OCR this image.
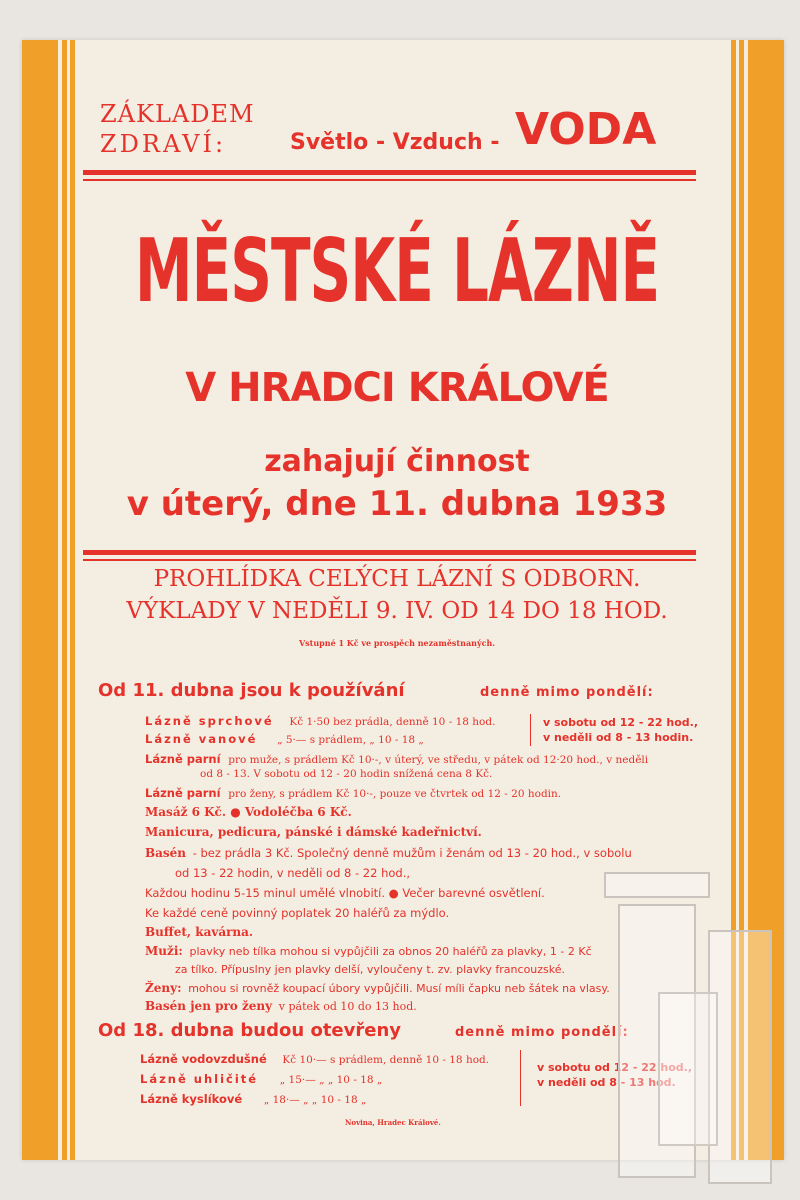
ZÁKLADEM
ZDRAVÍ:	Světlo - Vzduch - VODA
MĚSTSKÉ LÁZNĚ
V HRADCI KRÁLOVÉ
zahajují činnost
v úterý, dne 11. dubna 1933
PROHLÍDKA CELÝCH LÁZNÍ S ODBORN.
VÝKLADY V NEDĚLI 9. IV. OD 14 DO 18 HOD.
Vstupné 1 Kč ve prospěch nezaměstnaných.
Od 11. dubna jsou k používání	denně mimo pondělí:
Lázně sprchové Kč 1·50 bez prádla, denně 10 - 18 hod.
Lázně vanové „ 5·— s prádlem, „ 10 - 18 „
v sobotu od 12 - 22 hod.,
v neděli od 8 - 13 hodin.
Lázně parní pro muže, s prádlem Kč 10·-, v úterý, ve středu, v pátek od 12·20 hod., v neděli
od 8 - 13. V sobotu od 12 - 20 hodin snížená cena 8 Kč.
Lázně parní pro ženy, s prádlem Kč 10·-, pouze ve čtvrtek od 12 - 20 hodin.
Masáž 6 Kč. ● Vodoléčba 6 Kč.
Manicura, pedicura, pánské i dámské kadeřnictví.
Basén - bez prádla 3 Kč. Společný denně mužům i ženám od 13 - 20 hod., v sobolu
od 13 - 22 hodin, v neděli od 8 - 22 hod.,
Každou hodinu 5-15 minul umělé vlnobití. ● Večer barevné osvětlení.
Ke každé ceně povinný poplatek 20 haléřů za mýdlo.
Buffet, kavárna.
Muži: plavky neb tílka mohou si vypůjčili za obnos 20 haléřů za plavky, 1 - 2 Kč
za tílko. Přípuslny jen plavky delší, vyloučeny t. zv. plavky francouzské.
Ženy: mohou si rovněž koupací úbory vypůjčili. Musí míli čapku neb šátek na vlasy.
Basén jen pro ženy v pátek od 10 do 13 hod.
Od 18. dubna budou otevřeny	denně mimo pondělí:
Lázně vodovzdušné Kč 10·— s prádlem, denně 10 - 18 hod.
Lázně uhličité „ 15·— „ „ 10 - 18 „
Lázně kyslíkové „ 18·— „ „ 10 - 18 „
v sobotu od 12 - 22 hod.,
v neděli od 8 - 13 hod.
Novina, Hradec Králové.
